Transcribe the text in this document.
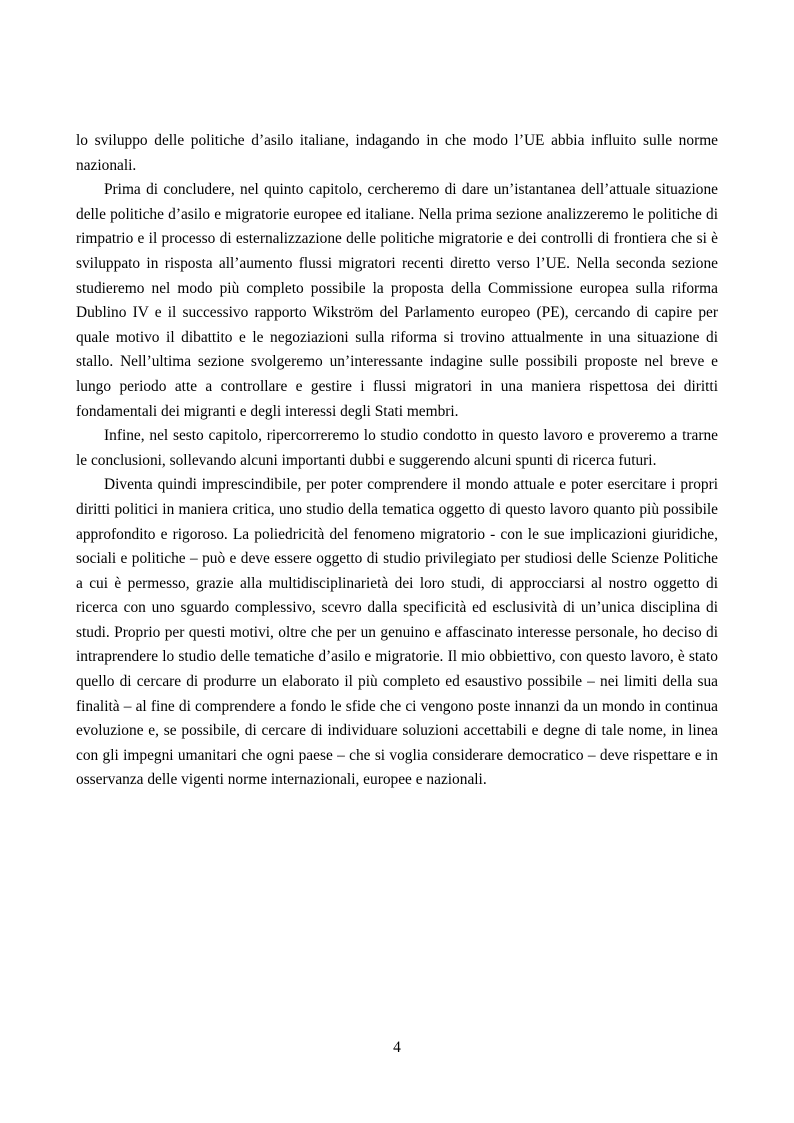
lo sviluppo delle politiche d’asilo italiane, indagando in che modo l’UE abbia influito sulle norme nazionali.

Prima di concludere, nel quinto capitolo, cercheremo di dare un’istantanea dell’attuale situazione delle politiche d’asilo e migratorie europee ed italiane. Nella prima sezione analizzeremo le politiche di rimpatrio e il processo di esternalizzazione delle politiche migratorie e dei controlli di frontiera che si è sviluppato in risposta all’aumento flussi migratori recenti diretto verso l’UE. Nella seconda sezione studieremo nel modo più completo possibile la proposta della Commissione europea sulla riforma Dublino IV e il successivo rapporto Wikström del Parlamento europeo (PE), cercando di capire per quale motivo il dibattito e le negoziazioni sulla riforma si trovino attualmente in una situazione di stallo. Nell’ultima sezione svolgeremo un’interessante indagine sulle possibili proposte nel breve e lungo periodo atte a controllare e gestire i flussi migratori in una maniera rispettosa dei diritti fondamentali dei migranti e degli interessi degli Stati membri.

Infine, nel sesto capitolo, ripercorreremo lo studio condotto in questo lavoro e proveremo a trarne le conclusioni, sollevando alcuni importanti dubbi e suggerendo alcuni spunti di ricerca futuri.

Diventa quindi imprescindibile, per poter comprendere il mondo attuale e poter esercitare i propri diritti politici in maniera critica, uno studio della tematica oggetto di questo lavoro quanto più possibile approfondito e rigoroso. La poliedricità del fenomeno migratorio - con le sue implicazioni giuridiche, sociali e politiche – può e deve essere oggetto di studio privilegiato per studiosi delle Scienze Politiche a cui è permesso, grazie alla multidisciplinarietà dei loro studi, di approcciarsi al nostro oggetto di ricerca con uno sguardo complessivo, scevro dalla specificità ed esclusività di un’unica disciplina di studi. Proprio per questi motivi, oltre che per un genuino e affascinato interesse personale, ho deciso di intraprendere lo studio delle tematiche d’asilo e migratorie. Il mio obbiettivo, con questo lavoro, è stato quello di cercare di produrre un elaborato il più completo ed esaustivo possibile – nei limiti della sua finalità – al fine di comprendere a fondo le sfide che ci vengono poste innanzi da un mondo in continua evoluzione e, se possibile, di cercare di individuare soluzioni accettabili e degne di tale nome, in linea con gli impegni umanitari che ogni paese – che si voglia considerare democratico – deve rispettare e in osservanza delle vigenti norme internazionali, europee e nazionali.

4
